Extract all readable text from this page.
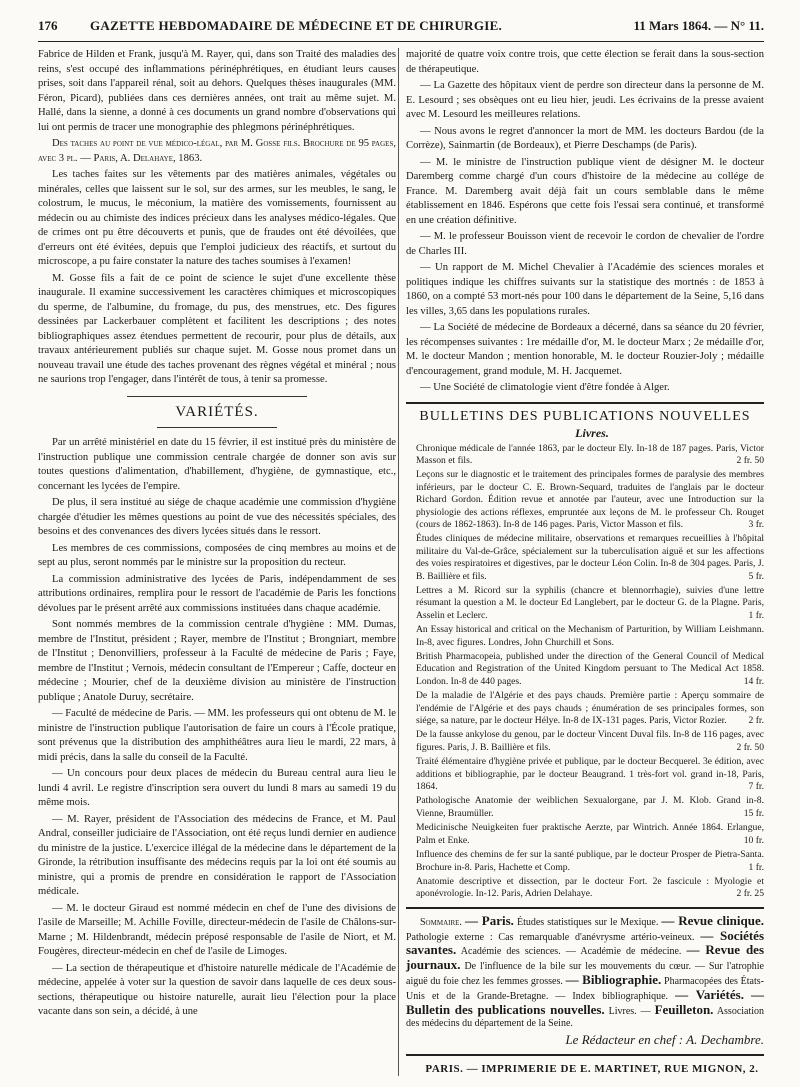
176	GAZETTE HEBDOMADAIRE DE MÉDECINE ET DE CHIRURGIE.	11 Mars 1864. — N° 11.

Fabrice de Hilden et Frank, jusqu'à M. Rayer, qui, dans son Traité des maladies des reins, s'est occupé des inflammations périnéphrétiques, en étudiant leurs causes prises, soit dans l'appareil rénal, soit au dehors. Quelques thèses inaugurales (MM. Féron, Picard), publiées dans ces dernières années, ont trait au même sujet. M. Hallé, dans la sienne, a donné à ces documents un grand nombre d'observations qui lui ont permis de tracer une monographie des phlegmons périnéphrétiques.

Des taches au point de vue médico-légal, par M. Gosse fils. Brochure de 95 pages, avec 3 pl. — Paris, A. Delahaye, 1863.

Les taches faites sur les vêtements par des matières animales, végétales ou minérales, celles que laissent sur le sol, sur des armes, sur les meubles, le sang, le colostrum, le mucus, le méconium, la matière des vomissements, fournissent au médecin ou au chimiste des indices précieux dans les analyses médico-légales. Que de crimes ont pu être découverts et punis, que de fraudes ont été dévoilées, que d'erreurs ont été évitées, depuis que l'emploi judicieux des réactifs, et surtout du microscope, a pu faire constater la nature des taches soumises à l'examen!

M. Gosse fils a fait de ce point de science le sujet d'une excellente thèse inaugurale. Il examine successivement les caractères chimiques et microscopiques du sperme, de l'albumine, du fromage, du pus, des menstrues, etc. Des figures dessinées par Lackerbauer complètent et facilitent les descriptions ; des notes bibliographiques assez étendues permettent de recourir, pour plus de détails, aux travaux antérieurement publiés sur chaque sujet. M. Gosse nous promet dans un nouveau travail une étude des taches provenant des règnes végétal et minéral ; nous ne saurions trop l'engager, dans l'intérêt de tous, à tenir sa promesse.

VARIÉTÉS.

Par un arrêté ministériel en date du 15 février, il est institué près du ministère de l'instruction publique une commission centrale chargée de donner son avis sur toutes questions d'alimentation, d'habillement, d'hygiène, de gymnastique, etc., concernant les lycées de l'empire.

De plus, il sera institué au siége de chaque académie une commission d'hygiène chargée d'étudier les mêmes questions au point de vue des nécessités spéciales, des besoins et des convenances des divers lycées situés dans le ressort.

Les membres de ces commissions, composées de cinq membres au moins et de sept au plus, seront nommés par le ministre sur la proposition du recteur.

La commission administrative des lycées de Paris, indépendamment de ses attributions ordinaires, remplira pour le ressort de l'académie de Paris les fonctions dévolues par le présent arrêté aux commissions instituées dans chaque académie.

Sont nommés membres de la commission centrale d'hygiène : MM. Dumas, membre de l'Institut, président ; Rayer, membre de l'Institut ; Brongniart, membre de l'Institut ; Denonvilliers, professeur à la Faculté de médecine de Paris ; Faye, membre de l'Institut ; Vernois, médecin consultant de l'Empereur ; Caffe, docteur en médecine ; Mourier, chef de la deuxième division au ministère de l'instruction publique ; Anatole Duruy, secrétaire.

— Faculté de médecine de Paris. — MM. les professeurs qui ont obtenu de M. le ministre de l'instruction publique l'autorisation de faire un cours à l'École pratique, sont prévenus que la distribution des amphithéâtres aura lieu le mardi, 22 mars, à midi précis, dans la salle du conseil de la Faculté.

— Un concours pour deux places de médecin du Bureau central aura lieu le lundi 4 avril. Le registre d'inscription sera ouvert du lundi 8 mars au samedi 19 du même mois.

— M. Rayer, président de l'Association des médecins de France, et M. Paul Andral, conseiller judiciaire de l'Association, ont été reçus lundi dernier en audience du ministre de la justice. L'exercice illégal de la médecine dans le département de la Gironde, la rétribution insuffisante des médecins requis par la loi ont été soumis au ministre, qui a promis de prendre en considération le rapport de l'Association médicale.

— M. le docteur Giraud est nommé médecin en chef de l'une des divisions de l'asile de Marseille; M. Achille Foville, directeur-médecin de l'asile de Châlons-sur-Marne ; M. Hildenbrandt, médecin préposé responsable de l'asile de Niort, et M. Fougères, directeur-médecin en chef de l'asile de Limoges.

— La section de thérapeutique et d'histoire naturelle médicale de l'Académie de médecine, appelée à voter sur la question de savoir dans laquelle de ces deux sous-sections, thérapeutique ou histoire naturelle, aurait lieu l'élection pour la place vacante dans son sein, a décidé, à une

majorité de quatre voix contre trois, que cette élection se ferait dans la sous-section de thérapeutique.

— La Gazette des hôpitaux vient de perdre son directeur dans la personne de M. E. Lesourd ; ses obsèques ont eu lieu hier, jeudi. Les écrivains de la presse avaient avec M. Lesourd les meilleures relations.

— Nous avons le regret d'annoncer la mort de MM. les docteurs Bardou (de la Corrèze), Sainmartin (de Bordeaux), et Pierre Deschamps (de Paris).

— M. le ministre de l'instruction publique vient de désigner M. le docteur Daremberg comme chargé d'un cours d'histoire de la médecine au collége de France. M. Daremberg avait déjà fait un cours semblable dans le même établissement en 1846. Espérons que cette fois l'essai sera continué, et transformé en une création définitive.

— M. le professeur Bouisson vient de recevoir le cordon de chevalier de l'ordre de Charles III.

— Un rapport de M. Michel Chevalier à l'Académie des sciences morales et politiques indique les chiffres suivants sur la statistique des mortnés : de 1853 à 1860, on a compté 53 mort-nés pour 100 dans le département de la Seine, 5,16 dans les villes, 3,65 dans les populations rurales.

— La Société de médecine de Bordeaux a décerné, dans sa séance du 20 février, les récompenses suivantes : 1re médaille d'or, M. le docteur Marx ; 2e médaille d'or, M. le docteur Mandon ; mention honorable, M. le docteur Rouzier-Joly ; médaille d'encouragement, grand module, M. H. Jacquemet.

— Une Société de climatologie vient d'être fondée à Alger.

BULLETINS DES PUBLICATIONS NOUVELLES

Livres.

Chronique médicale de l'année 1863, par le docteur Ely. In-18 de 187 pages. Paris, Victor Masson et fils.	2 fr. 50

Leçons sur le diagnostic et le traitement des principales formes de paralysie des membres inférieurs, par le docteur C. E. Brown-Sequard, traduites de l'anglais par le docteur Richard Gordon. Édition revue et annotée par l'auteur, avec une Introduction sur la physiologie des actions réflexes, empruntée aux leçons de M. le professeur Ch. Rouget (cours de 1862-1863). In-8 de 146 pages. Paris, Victor Masson et fils.	3 fr.

Études cliniques de médecine militaire, observations et remarques recueillies à l'hôpital militaire du Val-de-Grâce, spécialement sur la tuberculisation aiguë et sur les affections des voies respiratoires et digestives, par le docteur Léon Colin. In-8 de 304 pages. Paris, J. B. Baillière et fils.	5 fr.

Lettres a M. Ricord sur la syphilis (chancre et blennorrhagie), suivies d'une lettre résumant la question a M. le docteur Ed Langlebert, par le docteur G. de la Plagne. Paris, Asselin et Leclerc.	1 fr.

An Essay historical and critical on the Mechanism of Parturition, by William Leishmann. In-8, avec figures. Londres, John Churchill et Sons.

British Pharmacopeia, published under the direction of the General Council of Medical Education and Registration of the United Kingdom persuant to The Medical Act 1858. London. In-8 de 440 pages.	14 fr.

De la maladie de l'Algérie et des pays chauds. Première partie : Aperçu sommaire de l'endémie de l'Algérie et des pays chauds ; énumération de ses principales formes, son siége, sa nature, par le docteur Hélye. In-8 de IX-131 pages. Paris, Victor Rozier. 2 fr.

De la fausse ankylose du genou, par le docteur Vincent Duval fils. In-8 de 116 pages, avec figures. Paris, J. B. Baillière et fils.	2 fr. 50

Traité élémentaire d'hygiène privée et publique, par le docteur Becquerel. 3e édition, avec additions et bibliographie, par le docteur Beaugrand. 1 très-fort vol. grand in-18, Paris, 1864.	7 fr.

Pathologische Anatomie der weiblichen Sexualorgane, par J. M. Klob. Grand in-8. Vienne, Braumüller.	15 fr.

Medicinische Neuigkeiten fuer praktische Aerzte, par Wintrich. Année 1864. Erlangue, Palm et Enke.	10 fr.

Influence des chemins de fer sur la santé publique, par le docteur Prosper de Pietra-Santa. Brochure in-8. Paris, Hachette et Comp.	1 fr.

Anatomie descriptive et dissection, par le docteur Fort. 2e fascicule : Myologie et aponévrologie. In-12. Paris, Adrien Delahaye.	2 fr. 25

Sommaire. — Paris. Études statistiques sur le Mexique. — Revue clinique. Pathologie externe : Cas remarquable d'anévrysme artério-veineux. — Sociétés savantes. Académie des sciences. — Académie de médecine. — Revue des journaux. De l'influence de la bile sur les mouvements du cœur. — Sur l'atrophie aiguë du foie chez les femmes grosses. — Bibliographie. Pharmacopées des États-Unis et de la Grande-Bretagne. — Index bibliographique. — Variétés. — Bulletin des publications nouvelles. Livres. — Feuilleton. Association des médecins du département de la Seine.

Le Rédacteur en chef : A. Dechambre.

PARIS. — IMPRIMERIE DE E. MARTINET, RUE MIGNON, 2.
